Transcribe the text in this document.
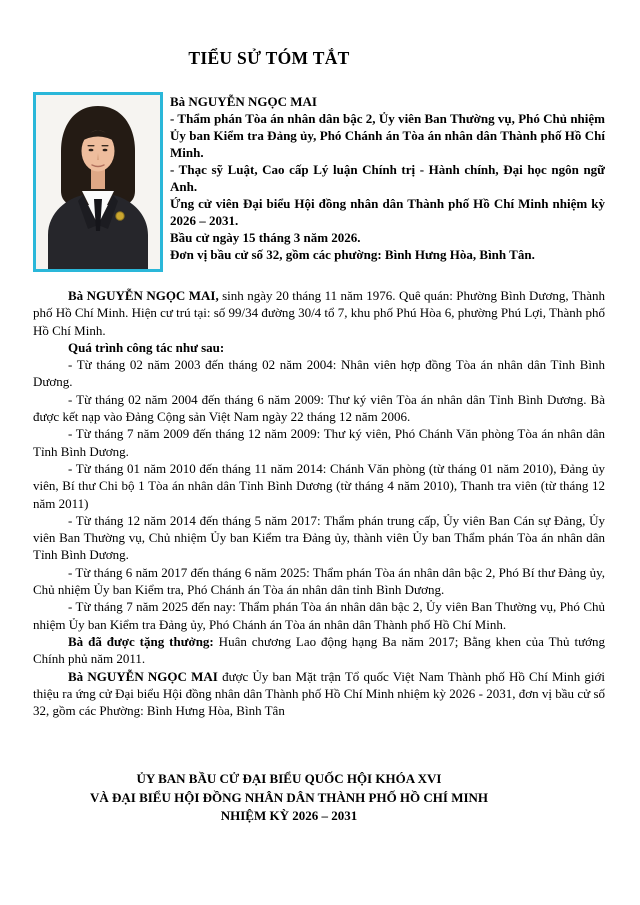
TIỂU SỬ TÓM TẮT

Bà NGUYỄN NGỌC MAI

- Thẩm phán Tòa án nhân dân bậc 2, Ủy viên Ban Thường vụ, Phó Chủ nhiệm Ủy ban Kiểm tra Đảng ủy, Phó Chánh án Tòa án nhân dân Thành phố Hồ Chí Minh.

- Thạc sỹ Luật, Cao cấp Lý luận Chính trị - Hành chính, Đại học ngôn ngữ Anh.

Ứng cử viên Đại biểu Hội đồng nhân dân Thành phố Hồ Chí Minh nhiệm kỳ 2026 – 2031.

Bầu cử ngày 15 tháng 3 năm 2026.

Đơn vị bầu cử số 32, gồm các phường: Bình Hưng Hòa, Bình Tân.

Bà NGUYỄN NGỌC MAI, sinh ngày 20 tháng 11 năm 1976. Quê quán: Phường Bình Dương, Thành phố Hồ Chí Minh. Hiện cư trú tại: số 99/34 đường 30/4 tổ 7, khu phố Phú Hòa 6, phường Phú Lợi, Thành phố Hồ Chí Minh.

Quá trình công tác như sau:

- Từ tháng 02 năm 2003 đến tháng 02 năm 2004: Nhân viên hợp đồng Tòa án nhân dân Tỉnh Bình Dương.

- Từ tháng 02 năm 2004 đến tháng 6 năm 2009: Thư ký viên Tòa án nhân dân Tỉnh Bình Dương. Bà được kết nạp vào Đảng Cộng sản Việt Nam ngày 22 tháng 12 năm 2006.

- Từ tháng 7 năm 2009 đến tháng 12 năm 2009: Thư ký viên, Phó Chánh Văn phòng Tòa án nhân dân Tỉnh Bình Dương.

- Từ tháng 01 năm 2010 đến tháng 11 năm 2014: Chánh Văn phòng (từ tháng 01 năm 2010), Đảng ủy viên, Bí thư Chi bộ 1 Tòa án nhân dân Tỉnh Bình Dương (từ tháng 4 năm 2010), Thanh tra viên (từ tháng 12 năm 2011)

- Từ tháng 12 năm 2014 đến tháng 5 năm 2017: Thẩm phán trung cấp, Ủy viên Ban Cán sự Đảng, Ủy viên Ban Thường vụ, Chủ nhiệm Ủy ban Kiểm tra Đảng ủy, thành viên Ủy ban Thẩm phán Tòa án nhân dân Tỉnh Bình Dương.

- Từ tháng 6 năm 2017 đến tháng 6 năm 2025: Thẩm phán Tòa án nhân dân bậc 2, Phó Bí thư Đảng ủy, Chủ nhiệm Ủy ban Kiểm tra, Phó Chánh án Tòa án nhân dân tỉnh Bình Dương.

- Từ tháng 7 năm 2025 đến nay: Thẩm phán Tòa án nhân dân bậc 2, Ủy viên Ban Thường vụ, Phó Chủ nhiệm Ủy ban Kiểm tra Đảng ủy, Phó Chánh án Tòa án nhân dân Thành phố Hồ Chí Minh.

Bà đã được tặng thưởng: Huân chương Lao động hạng Ba năm 2017; Bằng khen của Thủ tướng Chính phủ năm 2011.

Bà NGUYỄN NGỌC MAI được Ủy ban Mặt trận Tổ quốc Việt Nam Thành phố Hồ Chí Minh giới thiệu ra ứng cử Đại biểu Hội đồng nhân dân Thành phố Hồ Chí Minh nhiệm kỳ 2026 - 2031, đơn vị bầu cử số 32, gồm các Phường: Bình Hưng Hòa, Bình Tân

ỦY BAN BẦU CỬ ĐẠI BIỂU QUỐC HỘI KHÓA XVI

VÀ ĐẠI BIỂU HỘI ĐỒNG NHÂN DÂN THÀNH PHỐ HỒ CHÍ MINH

NHIỆM KỲ 2026 – 2031
